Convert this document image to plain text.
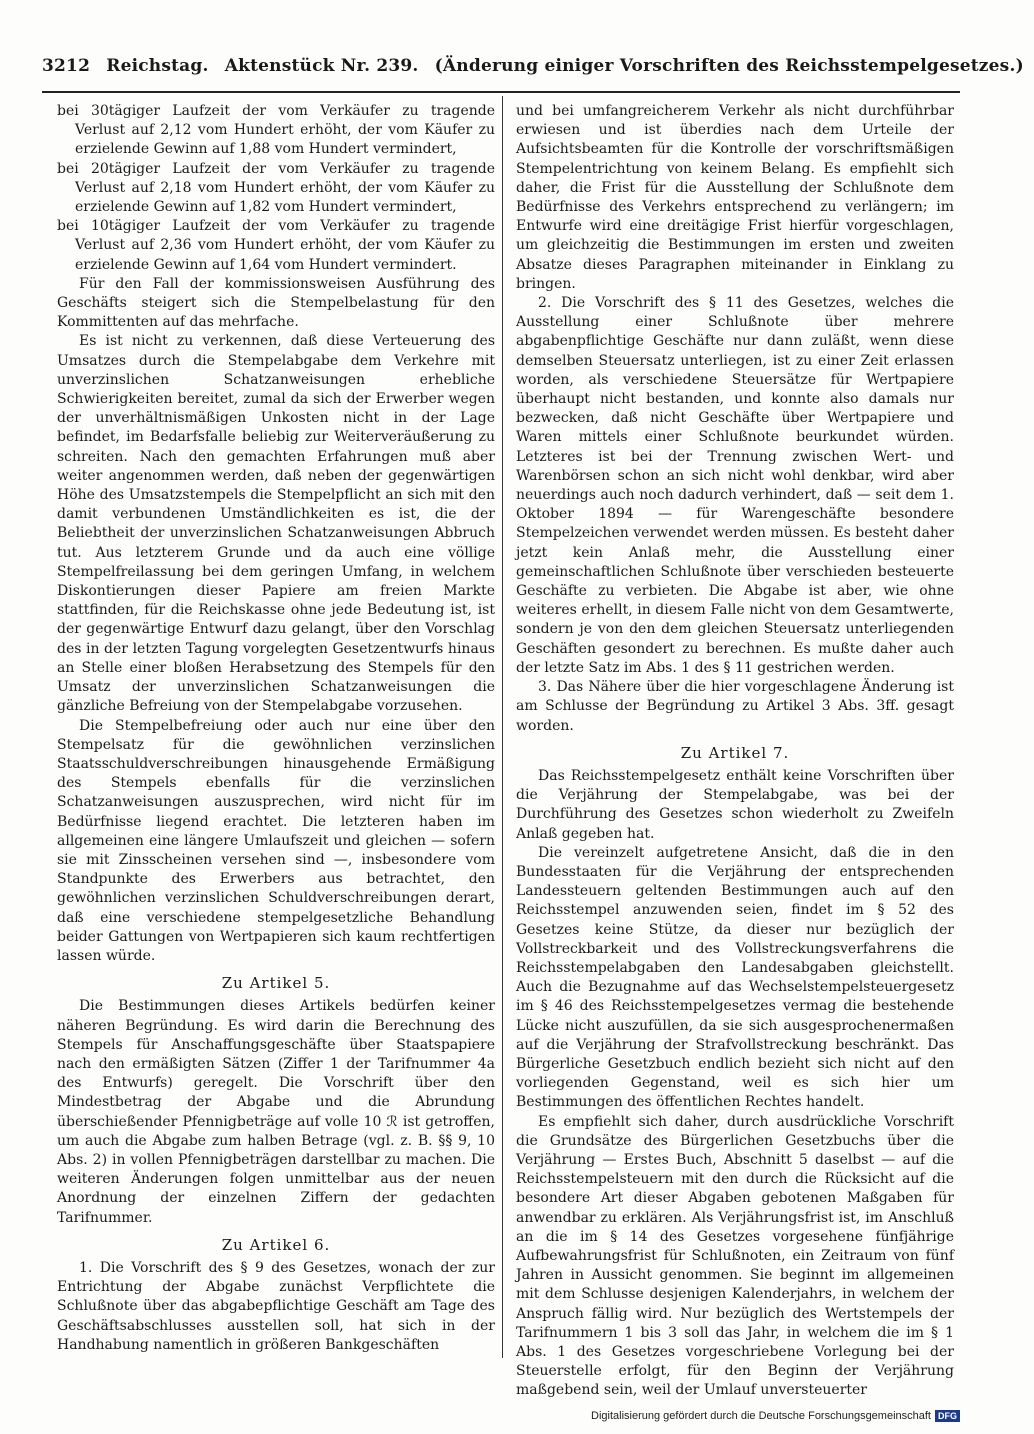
3212 Reichstag. Aktenstück Nr. 239. (Änderung einiger Vorschriften des Reichsstempelgesetzes.)

bei 30tägiger Laufzeit der vom Verkäufer zu tragende Verlust auf 2,12 vom Hundert erhöht, der vom Käufer zu erzielende Gewinn auf 1,88 vom Hundert vermindert,

bei 20tägiger Laufzeit der vom Verkäufer zu tragende Verlust auf 2,18 vom Hundert erhöht, der vom Käufer zu erzielende Gewinn auf 1,82 vom Hundert vermindert,

bei 10tägiger Laufzeit der vom Verkäufer zu tragende Verlust auf 2,36 vom Hundert erhöht, der vom Käufer zu erzielende Gewinn auf 1,64 vom Hundert vermindert.

Für den Fall der kommissionsweisen Ausführung des Geschäfts steigert sich die Stempelbelastung für den Kommittenten auf das mehrfache.

Es ist nicht zu verkennen, daß diese Verteuerung des Umsatzes durch die Stempelabgabe dem Verkehre mit unverzinslichen Schatzanweisungen erhebliche Schwierigkeiten bereitet, zumal da sich der Erwerber wegen der unverhältnismäßigen Unkosten nicht in der Lage befindet, im Bedarfsfalle beliebig zur Weiterveräußerung zu schreiten. Nach den gemachten Erfahrungen muß aber weiter angenommen werden, daß neben der gegenwärtigen Höhe des Umsatzstempels die Stempelpflicht an sich mit den damit verbundenen Umständlichkeiten es ist, die der Beliebtheit der unverzinslichen Schatzanweisungen Abbruch tut. Aus letzterem Grunde und da auch eine völlige Stempelfreilassung bei dem geringen Umfang, in welchem Diskontierungen dieser Papiere am freien Markte stattfinden, für die Reichskasse ohne jede Bedeutung ist, ist der gegenwärtige Entwurf dazu gelangt, über den Vorschlag des in der letzten Tagung vorgelegten Gesetzentwurfs hinaus an Stelle einer bloßen Herabsetzung des Stempels für den Umsatz der unverzinslichen Schatzanweisungen die gänzliche Befreiung von der Stempelabgabe vorzusehen.

Die Stempelbefreiung oder auch nur eine über den Stempelsatz für die gewöhnlichen verzinslichen Staatsschuldverschreibungen hinausgehende Ermäßigung des Stempels ebenfalls für die verzinslichen Schatzanweisungen auszusprechen, wird nicht für im Bedürfnisse liegend erachtet. Die letzteren haben im allgemeinen eine längere Umlaufszeit und gleichen — sofern sie mit Zinsscheinen versehen sind —, insbesondere vom Standpunkte des Erwerbers aus betrachtet, den gewöhnlichen verzinslichen Schuldverschreibungen derart, daß eine verschiedene stempelgesetzliche Behandlung beider Gattungen von Wertpapieren sich kaum rechtfertigen lassen würde.

Zu Artikel 5.

Die Bestimmungen dieses Artikels bedürfen keiner näheren Begründung. Es wird darin die Berechnung des Stempels für Anschaffungsgeschäfte über Staatspapiere nach den ermäßigten Sätzen (Ziffer 1 der Tarifnummer 4a des Entwurfs) geregelt. Die Vorschrift über den Mindestbetrag der Abgabe und die Abrundung überschießender Pfennigbeträge auf volle 10 ℛ︀ ist getroffen, um auch die Abgabe zum halben Betrage (vgl. z. B. §§ 9, 10 Abs. 2) in vollen Pfennigbeträgen darstellbar zu machen. Die weiteren Änderungen folgen unmittelbar aus der neuen Anordnung der einzelnen Ziffern der gedachten Tarifnummer.

Zu Artikel 6.

1. Die Vorschrift des § 9 des Gesetzes, wonach der zur Entrichtung der Abgabe zunächst Verpflichtete die Schlußnote über das abgabepflichtige Geschäft am Tage des Geschäftsabschlusses ausstellen soll, hat sich in der Handhabung namentlich in größeren Bankgeschäften

und bei umfangreicherem Verkehr als nicht durchführbar erwiesen und ist überdies nach dem Urteile der Aufsichtsbeamten für die Kontrolle der vorschriftsmäßigen Stempelentrichtung von keinem Belang. Es empfiehlt sich daher, die Frist für die Ausstellung der Schlußnote dem Bedürfnisse des Verkehrs entsprechend zu verlängern; im Entwurfe wird eine dreitägige Frist hierfür vorgeschlagen, um gleichzeitig die Bestimmungen im ersten und zweiten Absatze dieses Paragraphen miteinander in Einklang zu bringen.

2. Die Vorschrift des § 11 des Gesetzes, welches die Ausstellung einer Schlußnote über mehrere abgabenpflichtige Geschäfte nur dann zuläßt, wenn diese demselben Steuersatz unterliegen, ist zu einer Zeit erlassen worden, als verschiedene Steuersätze für Wertpapiere überhaupt nicht bestanden, und konnte also damals nur bezwecken, daß nicht Geschäfte über Wertpapiere und Waren mittels einer Schlußnote beurkundet würden. Letzteres ist bei der Trennung zwischen Wert- und Warenbörsen schon an sich nicht wohl denkbar, wird aber neuerdings auch noch dadurch verhindert, daß — seit dem 1. Oktober 1894 — für Warengeschäfte besondere Stempelzeichen verwendet werden müssen. Es besteht daher jetzt kein Anlaß mehr, die Ausstellung einer gemeinschaftlichen Schlußnote über verschieden besteuerte Geschäfte zu verbieten. Die Abgabe ist aber, wie ohne weiteres erhellt, in diesem Falle nicht von dem Gesamtwerte, sondern je von den dem gleichen Steuersatz unterliegenden Geschäften gesondert zu berechnen. Es mußte daher auch der letzte Satz im Abs. 1 des § 11 gestrichen werden.

3. Das Nähere über die hier vorgeschlagene Änderung ist am Schlusse der Begründung zu Artikel 3 Abs. 3ff. gesagt worden.

Zu Artikel 7.

Das Reichsstempelgesetz enthält keine Vorschriften über die Verjährung der Stempelabgabe, was bei der Durchführung des Gesetzes schon wiederholt zu Zweifeln Anlaß gegeben hat.

Die vereinzelt aufgetretene Ansicht, daß die in den Bundesstaaten für die Verjährung der entsprechenden Landessteuern geltenden Bestimmungen auch auf den Reichsstempel anzuwenden seien, findet im § 52 des Gesetzes keine Stütze, da dieser nur bezüglich der Vollstreckbarkeit und des Vollstreckungsverfahrens die Reichsstempelabgaben den Landesabgaben gleichstellt. Auch die Bezugnahme auf das Wechselstempelsteuergesetz im § 46 des Reichsstempelgesetzes vermag die bestehende Lücke nicht auszufüllen, da sie sich ausgesprochenermaßen auf die Verjährung der Strafvollstreckung beschränkt. Das Bürgerliche Gesetzbuch endlich bezieht sich nicht auf den vorliegenden Gegenstand, weil es sich hier um Bestimmungen des öffentlichen Rechtes handelt.

Es empfiehlt sich daher, durch ausdrückliche Vorschrift die Grundsätze des Bürgerlichen Gesetzbuchs über die Verjährung — Erstes Buch, Abschnitt 5 daselbst — auf die Reichsstempelsteuern mit den durch die Rücksicht auf die besondere Art dieser Abgaben gebotenen Maßgaben für anwendbar zu erklären. Als Verjährungsfrist ist, im Anschluß an die im § 14 des Gesetzes vorgesehene fünfjährige Aufbewahrungsfrist für Schlußnoten, ein Zeitraum von fünf Jahren in Aussicht genommen. Sie beginnt im allgemeinen mit dem Schlusse desjenigen Kalenderjahrs, in welchem der Anspruch fällig wird. Nur bezüglich des Wertstempels der Tarifnummern 1 bis 3 soll das Jahr, in welchem die im § 1 Abs. 1 des Gesetzes vorgeschriebene Vorlegung bei der Steuerstelle erfolgt, für den Beginn der Verjährung maßgebend sein, weil der Umlauf unversteuerter

Digitalisierung gefördert durch die Deutsche Forschungsgemeinschaft DFG
